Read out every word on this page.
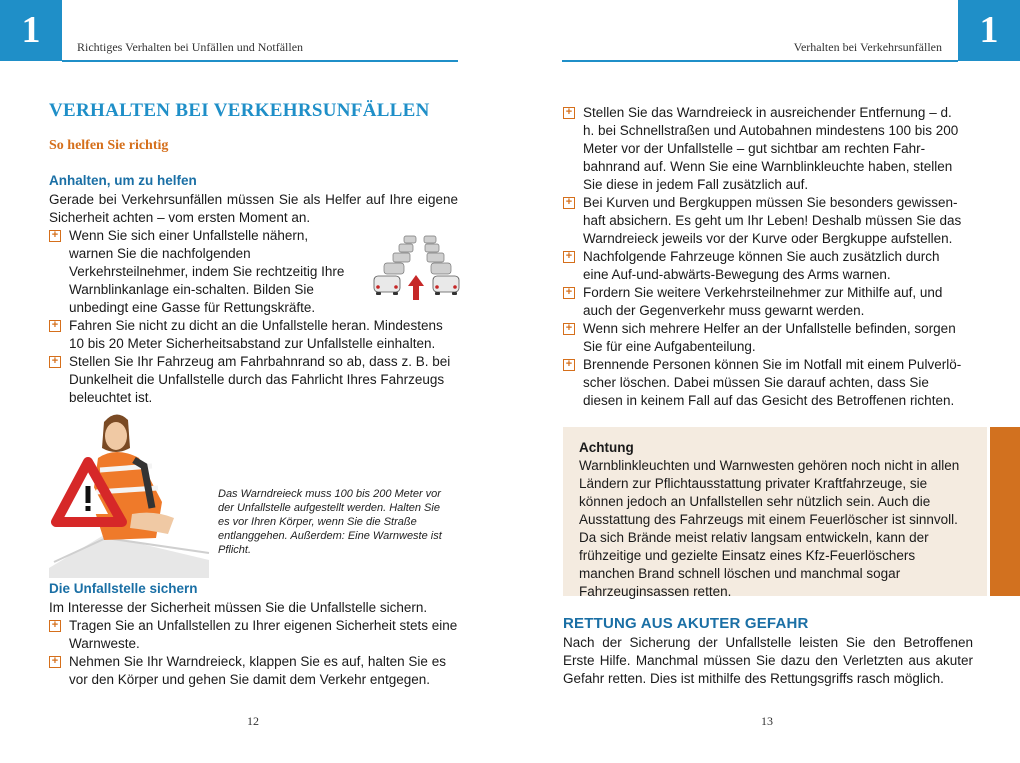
1	Richtiges Verhalten bei Unfällen und Notfällen
VERHALTEN BEI VERKEHRSUNFÄLLEN
So helfen Sie richtig
Anhalten, um zu helfen
Gerade bei Verkehrsunfällen müssen Sie als Helfer auf Ihre eigene Sicherheit achten – vom ersten Moment an.
+ Wenn Sie sich einer Unfallstelle nähern, warnen Sie die nachfolgenden Verkehrsteilnehmer, indem Sie rechtzeitig Ihre Warnblinkanlage ein-schalten. Bilden Sie unbedingt eine Gasse für Rettungskräfte.
+ Fahren Sie nicht zu dicht an die Unfallstelle heran. Mindestens 10 bis 20 Meter Sicherheitsabstand zur Unfallstelle einhalten.
+ Stellen Sie Ihr Fahrzeug am Fahrbahnrand so ab, dass z. B. bei Dunkelheit die Unfallstelle durch das Fahrlicht Ihres Fahrzeugs beleuchtet ist.
Das Warndreieck muss 100 bis 200 Meter vor der Unfallstelle aufgestellt werden. Halten Sie es vor Ihren Körper, wenn Sie die Straße entlanggehen. Außerdem: Eine Warnweste ist Pflicht.
Die Unfallstelle sichern
Im Interesse der Sicherheit müssen Sie die Unfallstelle sichern.
+ Tragen Sie an Unfallstellen zu Ihrer eigenen Sicherheit stets eine Warnweste.
+ Nehmen Sie Ihr Warndreieck, klappen Sie es auf, halten Sie es vor den Körper und gehen Sie damit dem Verkehr entgegen.
12
1
Verhalten bei Verkehrsunfällen
+ Stellen Sie das Warndreieck in ausreichender Entfernung – d. h. bei Schnellstraßen und Autobahnen mindestens 100 bis 200 Meter vor der Unfallstelle – gut sichtbar am rechten Fahr-bahnrand auf. Wenn Sie eine Warnblinkleuchte haben, stellen Sie diese in jedem Fall zusätzlich auf.
+ Bei Kurven und Bergkuppen müssen Sie besonders gewissen-haft absichern. Es geht um Ihr Leben! Deshalb müssen Sie das Warndreieck jeweils vor der Kurve oder Bergkuppe aufstellen.
+ Nachfolgende Fahrzeuge können Sie auch zusätzlich durch eine Auf-und-abwärts-Bewegung des Arms warnen.
+ Fordern Sie weitere Verkehrsteilnehmer zur Mithilfe auf, und auch der Gegenverkehr muss gewarnt werden.
+ Wenn sich mehrere Helfer an der Unfallstelle befinden, sorgen Sie für eine Aufgabenteilung.
+ Brennende Personen können Sie im Notfall mit einem Pulverlö-scher löschen. Dabei müssen Sie darauf achten, dass Sie diesen in keinem Fall auf das Gesicht des Betroffenen richten.
Achtung
Warnblinkleuchten und Warnwesten gehören noch nicht in allen Ländern zur Pflichtausstattung privater Kraftfahrzeuge, sie können jedoch an Unfallstellen sehr nützlich sein. Auch die Ausstattung des Fahrzeugs mit einem Feuerlöscher ist sinnvoll. Da sich Brände meist relativ langsam entwickeln, kann der frühzeitige und gezielte Einsatz eines Kfz-Feuerlöschers manchen Brand schnell löschen und manchmal sogar Fahrzeuginsassen retten.
RETTUNG AUS AKUTER GEFAHR
Nach der Sicherung der Unfallstelle leisten Sie den Betroffenen Erste Hilfe. Manchmal müssen Sie dazu den Verletzten aus akuter Gefahr retten. Dies ist mithilfe des Rettungsgriffs rasch möglich.
13
